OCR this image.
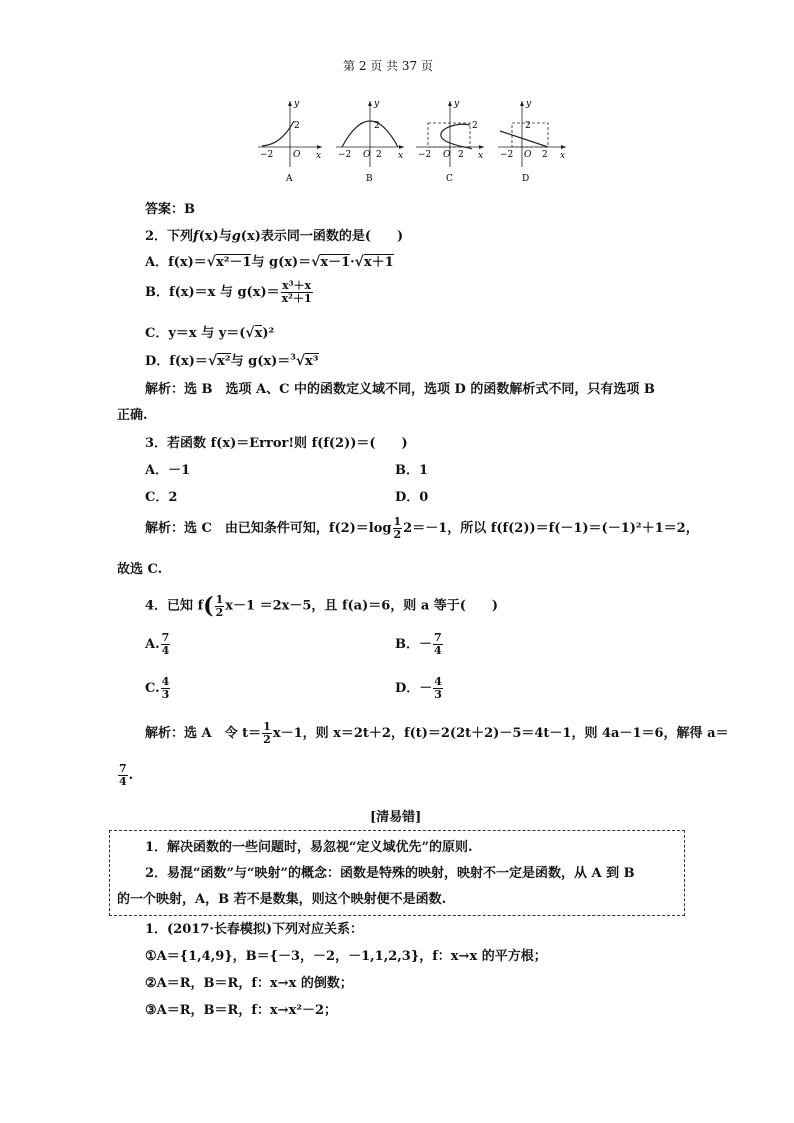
第 2 页 共 37 页
y
x
2
−2 O
A
y
x
2
−2 O 2
B
y
x
2
−2 O 2
C
y
x
2
−2 O 2
D
答案：B
2．下列f(x)与g(x)表示同一函数的是(　　)
A．f(x)＝√x²－1与 g(x)＝√x－1·√x＋1
B．f(x)＝x 与 $g(x)= \frac{\text{x³＋x}}{\text{x²＋1}}$
C．y＝x 与 y＝(√x)²
D．f(x)＝√x²与 g(x)＝$^3$√x³
解析：选 B　选项 A、C 中的函数定义域不同，选项 D 的函数解析式不同，只有选项 B
正确.
3．若函数 f(x)＝Error!则 f(f(2))＝(　　)
A．－1	B．1
C．2	D．0
解析：选 C　由已知条件可知，$f(2)=\log \frac{1}{2} 2=-1$，所以 f(f(2))＝f(－1)＝(－1)²＋1＝2，
故选 C.
4．已知 $f( \frac{1}{2} x-1 =2x-5$，且 f(a)＝6，则 a 等于(　　)
A. $\frac{7}{4}$	B．－ $\frac{7}{4}$
C. $\frac{4}{3}$	D．－ $\frac{4}{3}$
解析：选 A　令 $t= \frac{1}{2} x-1$，则 x＝2t＋2，f(t)＝2(2t＋2)－5＝4t－1，则 4a－1＝6，解得 a＝
$\frac{7}{4}$ .
[清易错]
1．解决函数的一些问题时，易忽视“定义域优先”的原则.
2．易混“函数”与“映射”的概念：函数是特殊的映射，映射不一定是函数，从 A 到 B
的一个映射，A，B 若不是数集，则这个映射便不是函数.
1．(2017·长春模拟)下列对应关系：
①A＝{1,4,9}，B＝{－3，－2，－1,1,2,3}，f：x→x 的平方根；
②A＝R，B＝R，f：x→x 的倒数；
③A＝R，B＝R，f：x→x²－2；
